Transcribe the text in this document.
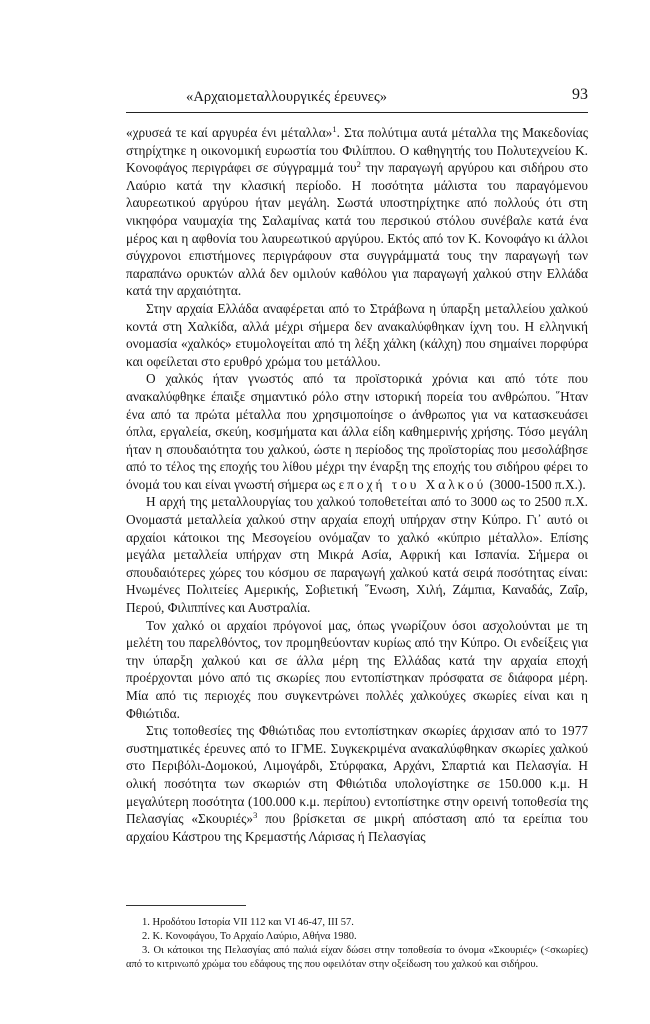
«Αρχαιομεταλλουργικές έρευνες»	93

«χρυσεά τε καί αργυρέα ένι μέταλλα»$^1$. Στα πολύτιμα αυτά μέταλλα της Μακεδονίας στηρίχτηκε η οικονομική ευρωστία του Φιλίππου. Ο καθηγητής του Πολυτεχνείου Κ. Κονοφάγος περιγράφει σε σύγγραμμά του$^2$ την παραγωγή αργύρου και σιδήρου στο Λαύριο κατά την κλασική περίοδο. Η ποσότητα μάλιστα του παραγόμενου λαυρεωτικού αργύρου ήταν μεγάλη. Σωστά υποστηρίχτηκε από πολλούς ότι στη νικηφόρα ναυμαχία της Σαλαμίνας κατά του περσικού στόλου συνέβαλε κατά ένα μέρος και η αφθονία του λαυρεωτικού αργύρου. Εκτός από τον Κ. Κονοφάγο κι άλλοι σύγχρονοι επιστήμονες περιγράφουν στα συγγράμματά τους την παραγωγή των παραπάνω ορυκτών αλλά δεν ομιλούν καθόλου για παραγωγή χαλκού στην Ελλάδα κατά την αρχαιότητα.

Στην αρχαία Ελλάδα αναφέρεται από το Στράβωνα η ύπαρξη μεταλλείου χαλκού κοντά στη Χαλκίδα, αλλά μέχρι σήμερα δεν ανακαλύφθηκαν ίχνη του. Η ελληνική ονομασία «χαλκός» ετυμολογείται από τη λέξη χάλκη (κάλχη) που σημαίνει πορφύρα και οφείλεται στο ερυθρό χρώμα του μετάλλου.

Ο χαλκός ήταν γνωστός από τα προϊστορικά χρόνια και από τότε που ανακαλύφθηκε έπαιξε σημαντικό ρόλο στην ιστορική πορεία του ανθρώπου. ῞Ηταν ένα από τα πρώτα μέταλλα που χρησιμοποίησε ο άνθρωπος για να κατασκευάσει όπλα, εργαλεία, σκεύη, κοσμήματα και άλλα είδη καθημερινής χρήσης. Τόσο μεγάλη ήταν η σπουδαιότητα του χαλκού, ώστε η περίοδος της προϊστορίας που μεσολάβησε από το τέλος της εποχής του λίθου μέχρι την έναρξη της εποχής του σιδήρου φέρει το όνομά του και είναι γνωστή σήμερα ως εποχή του Χαλκού (3000-1500 π.Χ.).

Η αρχή της μεταλλουργίας του χαλκού τοποθετείται από το 3000 ως το 2500 π.Χ. Ονομαστά μεταλλεία χαλκού στην αρχαία εποχή υπήρχαν στην Κύπρο. Γι᾽ αυτό οι αρχαίοι κάτοικοι της Μεσογείου ονόμαζαν το χαλκό «κύπριο μέταλλο». Επίσης μεγάλα μεταλλεία υπήρχαν στη Μικρά Ασία, Αφρική και Ισπανία. Σήμερα οι σπουδαιότερες χώρες του κόσμου σε παραγωγή χαλκού κατά σειρά ποσότητας είναι: Ηνωμένες Πολιτείες Αμερικής, Σοβιετική ῞Ενωση, Χιλή, Ζάμπια, Καναδάς, Ζαΐρ, Περού, Φιλιππίνες και Αυστραλία.

Τον χαλκό οι αρχαίοι πρόγονοί μας, όπως γνωρίζουν όσοι ασχολούνται με τη μελέτη του παρελθόντος, τον προμηθεύονταν κυρίως από την Κύπρο. Οι ενδείξεις για την ύπαρξη χαλκού και σε άλλα μέρη της Ελλάδας κατά την αρχαία εποχή προέρχονται μόνο από τις σκωρίες που εντοπίστηκαν πρόσφατα σε διάφορα μέρη. Μία από τις περιοχές που συγκεντρώνει πολλές χαλκούχες σκωρίες είναι και η Φθιώτιδα.

Στις τοποθεσίες της Φθιώτιδας που εντοπίστηκαν σκωρίες άρχισαν από το 1977 συστηματικές έρευνες από το ΙΓΜΕ. Συγκεκριμένα ανακαλύφθηκαν σκωρίες χαλκού στο Περιβόλι-Δομοκού, Λιμογάρδι, Στύρφακα, Αρχάνι, Σπαρτιά και Πελασγία. Η ολική ποσότητα των σκωριών στη Φθιώτιδα υπολογίστηκε σε 150.000 κ.μ. Η μεγαλύτερη ποσότητα (100.000 κ.μ. περίπου) εντοπίστηκε στην ορεινή τοποθεσία της Πελασγίας «Σκουριές»$^3$ που βρίσκεται σε μικρή απόσταση από τα ερείπια του αρχαίου Κάστρου της Κρεμαστής Λάρισας ή Πελασγίας

1. Ηροδότου Ιστορία VII 112 και VI 46-47, III 57.

2. Κ. Κονοφάγου, Το Αρχαίο Λαύριο, Αθήνα 1980.

3. Οι κάτοικοι της Πελασγίας από παλιά είχαν δώσει στην τοποθεσία το όνομα «Σκουριές» (<σκωρίες) από το κιτρινωπό χρώμα του εδάφους της που οφειλόταν στην οξείδωση του χαλκού και σιδήρου.
